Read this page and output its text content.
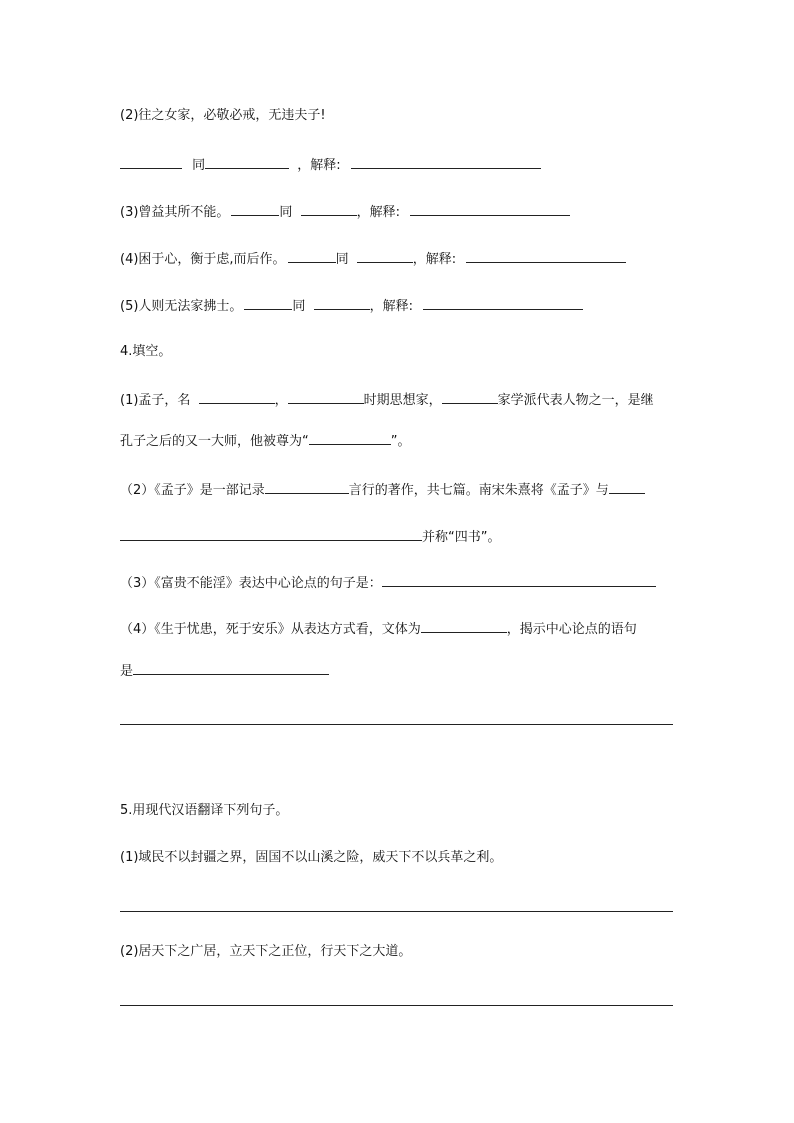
(2)往之女家，必敬必戒，无违夫子!
同	，解释:
(3)曾益其所不能。	同	，解释:
(4)困于心，衡于虑,而后作。	同	，解释:
(5)人则无法家拂士。	同	，解释:
4.填空。
(1)孟子，名	，	时期思想家，	家学派代表人物之一，是继
孔子之后的又一大师，他被尊为“	”。
（2）《孟子》是一部记录	言行的著作，共七篇。南宋朱熹将《孟子》与
并称“四书”。
（3）《富贵不能淫》表达中心论点的句子是：
（4）《生于忧患，死于安乐》从表达方式看，文体为	，揭示中心论点的语句
是
5.用现代汉语翻译下列句子。
(1)域民不以封疆之界，固国不以山溪之险，威天下不以兵革之利。
(2)居天下之广居，立天下之正位，行天下之大道。
